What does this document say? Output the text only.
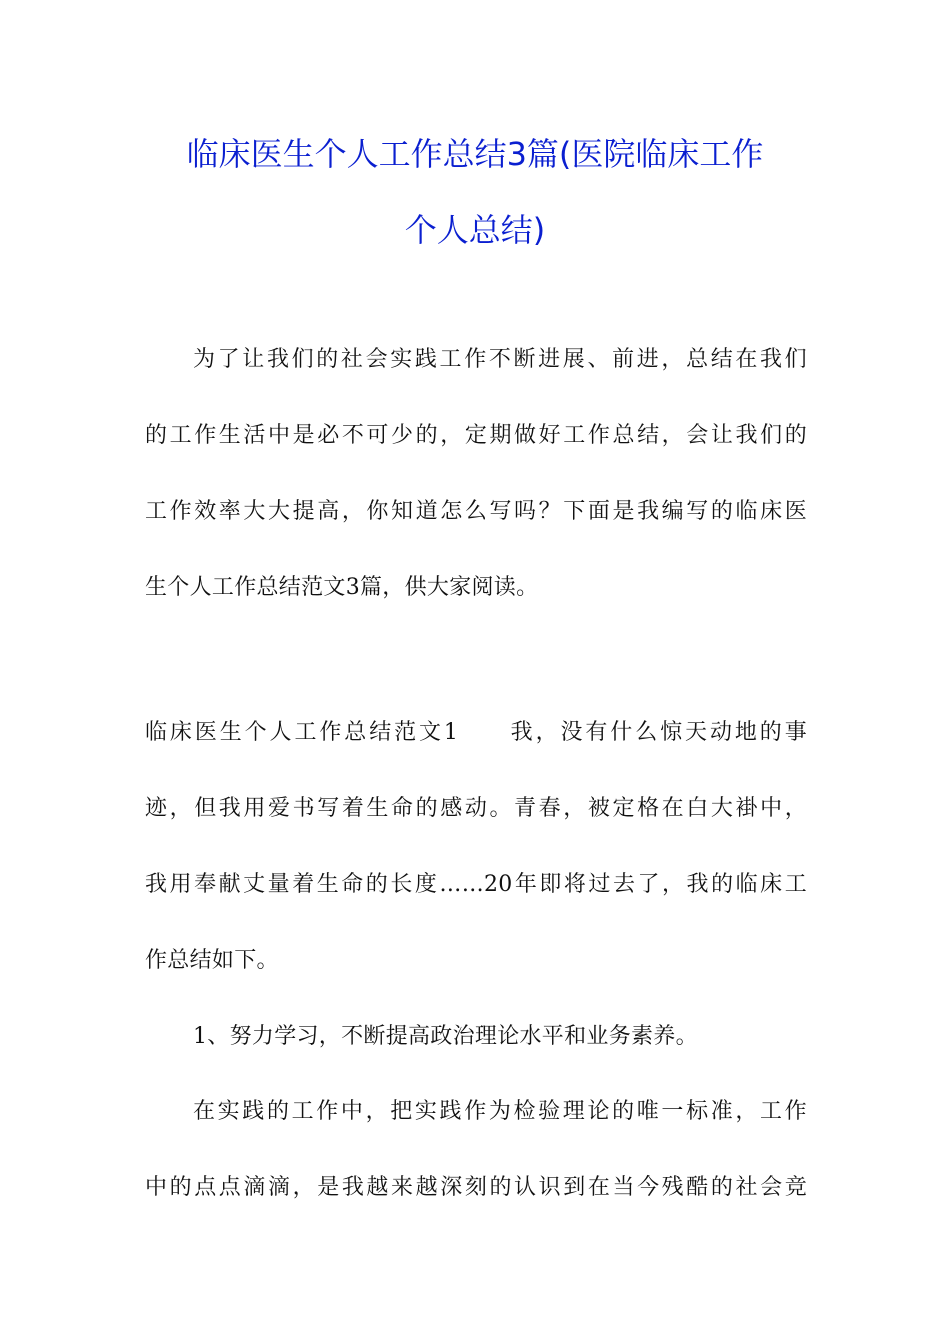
临床医生个人工作总结3篇(医院临床工作
个人总结)
为了让我们的社会实践工作不断进展、前进，总结在我们
的工作生活中是必不可少的，定期做好工作总结，会让我们的
工作效率大大提高，你知道怎么写吗？下面是我编写的临床医
生个人工作总结范文3篇，供大家阅读。
临床医生个人工作总结范文1　　我，没有什么惊天动地的事
迹，但我用爱书写着生命的感动。青春，被定格在白大褂中，
我用奉献丈量着生命的长度……20年即将过去了，我的临床工
作总结如下。
1、努力学习，不断提高政治理论水平和业务素养。
在实践的工作中，把实践作为检验理论的唯一标准，工作
中的点点滴滴，是我越来越深刻的认识到在当今残酷的社会竞
